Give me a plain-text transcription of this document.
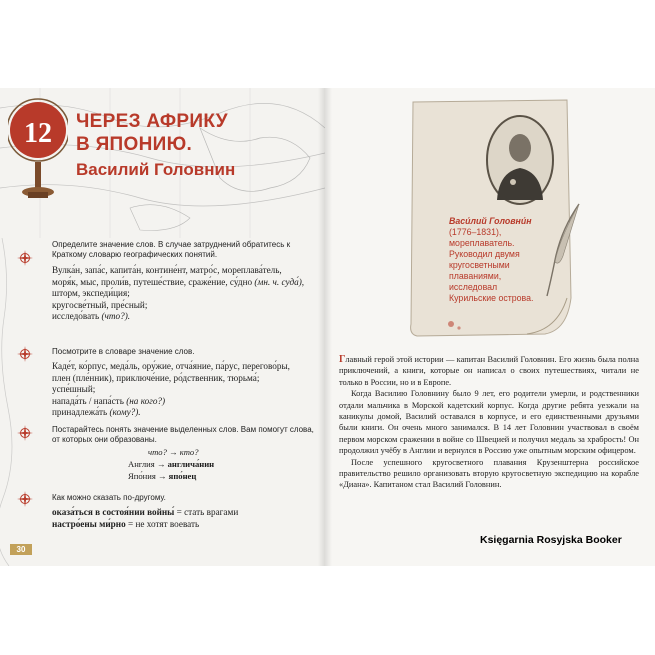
12	ЧЕРЕЗ АФРИКУ
В ЯПОНИЮ.
Василий Головнин
Определите значение слов. В случае затруднений обратитесь к Краткому словарю географических понятий.
Вулка́н, запа́с, капита́н, контине́нт, матро́с, мореплава́тель,
моря́к, мыс, проли́в, путеше́ствие, сраже́ние, су́дно (мн. ч. суда́),
шторм, экспеди́ция;
кругосве́тный, пре́сный;
исследо́вать (что?).
Посмотрите в словаре значение слов.
Каде́т, ко́рпус, меда́ль, ору́жие, отча́яние, па́рус, перегово́ры,
плен (пле́нник), приключе́ние, ро́дственник, тюрьма́;
успе́шный;
напада́ть / напа́сть (на кого?)
принадлежа́ть (кому?).
Постарайтесь понять значение выделенных слов. Вам помогут слова, от которых они образованы.
что? → кто?
Англия → англича́нин
Япо́ния → япо́нец
Как можно сказать по-другому.
оказа́ться в состоя́нии войны́ = стать врагами
настро́ены ми́рно = не хотят воевать
30
Васи́лий Головни́н
(1776–1831),
мореплаватель.
Руководил двумя
кругосветными
плаваниями,
исследовал
Курильские острова.

Главный герой этой истории — капитан Василий Головнин. Его жизнь была полна приключений, а книги, которые он написал о своих путешествиях, читали не только в России, но и в Европе.

Когда Василию Головнину было 9 лет, его родители умерли, и родственники отдали мальчика в Морской кадетский корпус. Когда другие ребята уезжали на каникулы домой, Василий оставался в корпусе, и его единственными друзьями были книги. Он очень много занимался. В 14 лет Головнин участвовал в своём первом морском сражении в войне со Швецией и получил медаль за храбрость! Он продолжил учёбу в Англии и вернулся в Россию уже опытным морским офицером.

После успешного кругосветного плавания Крузенштерна российское правительство решило организовать вторую кругосветную экспедицию на корабле «Диана». Капитаном стал Василий Головнин.

Księgarnia Rosyjska Booker
